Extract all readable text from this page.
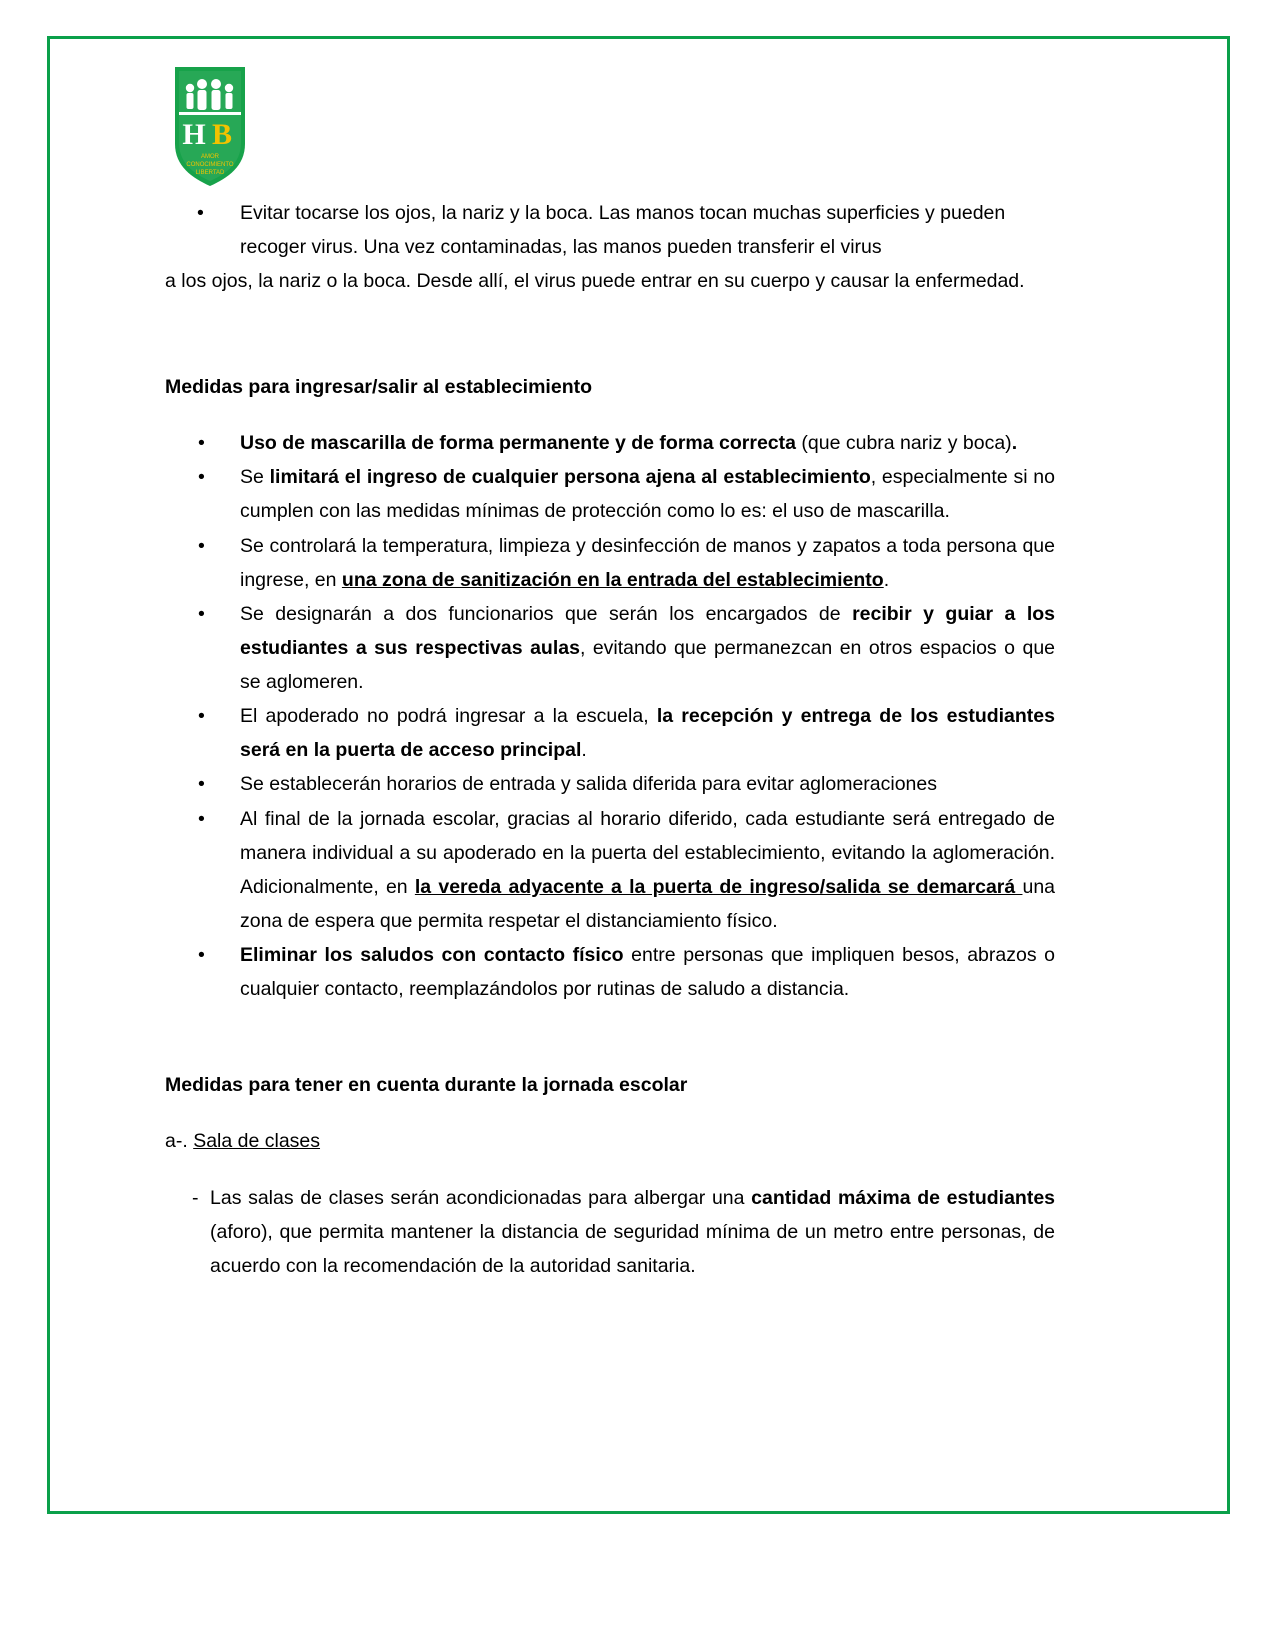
H B
AMOR
CONOCIMIENTO
LIBERTAD
• Evitar tocarse los ojos, la nariz y la boca. Las manos tocan muchas superficies y pueden recoger virus. Una vez contaminadas, las manos pueden transferir el virus
a los ojos, la nariz o la boca. Desde allí, el virus puede entrar en su cuerpo y causar la enfermedad.
Medidas para ingresar/salir al establecimiento
• Uso de mascarilla de forma permanente y de forma correcta (que cubra nariz y boca).
• Se limitará el ingreso de cualquier persona ajena al establecimiento, especialmente si no cumplen con las medidas mínimas de protección como lo es: el uso de mascarilla.
• Se controlará la temperatura, limpieza y desinfección de manos y zapatos a toda persona que ingrese, en una zona de sanitización en la entrada del establecimiento.
• Se designarán a dos funcionarios que serán los encargados de recibir y guiar a los estudiantes a sus respectivas aulas, evitando que permanezcan en otros espacios o que se aglomeren.
• El apoderado no podrá ingresar a la escuela, la recepción y entrega de los estudiantes será en la puerta de acceso principal.
• Se establecerán horarios de entrada y salida diferida para evitar aglomeraciones
• Al final de la jornada escolar, gracias al horario diferido, cada estudiante será entregado de manera individual a su apoderado en la puerta del establecimiento, evitando la aglomeración. Adicionalmente, en la vereda adyacente a la puerta de ingreso/salida se demarcará una zona de espera que permita respetar el distanciamiento físico.
• Eliminar los saludos con contacto físico entre personas que impliquen besos, abrazos o cualquier contacto, reemplazándolos por rutinas de saludo a distancia.
Medidas para tener en cuenta durante la jornada escolar
a-. Sala de clases
- Las salas de clases serán acondicionadas para albergar una cantidad máxima de estudiantes (aforo), que permita mantener la distancia de seguridad mínima de un metro entre personas, de acuerdo con la recomendación de la autoridad sanitaria.
